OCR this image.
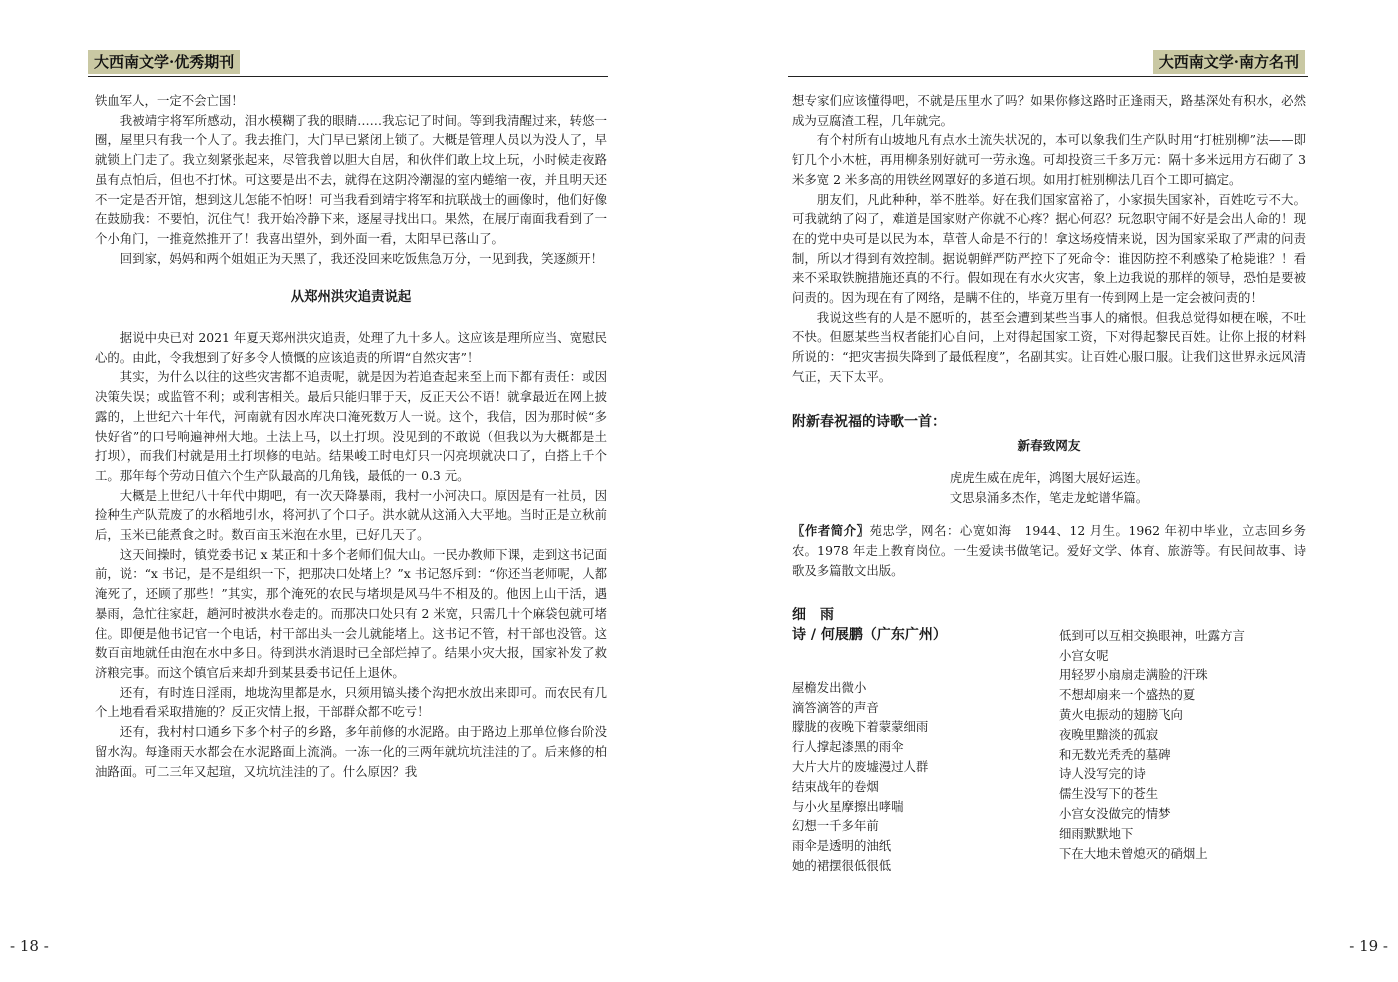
大西南文学·优秀期刊

铁血军人，一定不会亡国！

我被靖宇将军所感动，泪水模糊了我的眼睛……我忘记了时间。等到我清醒过来，转悠一圈，屋里只有我一个人了。我去推门，大门早已紧闭上锁了。大概是管理人员以为没人了，早就锁上门走了。我立刻紧张起来，尽管我曾以胆大自居，和伙伴们敢上坟上玩，小时候走夜路虽有点怕后，但也不打怵。可这要是出不去，就得在这阴冷潮湿的室内蜷缩一夜，并且明天还不一定是否开馆，想到这儿怎能不怕呀！可当我看到靖宇将军和抗联战士的画像时，他们好像在鼓励我：不要怕，沉住气！我开始冷静下来，逐屋寻找出口。果然，在展厅南面我看到了一个小角门，一推竟然推开了！我喜出望外，到外面一看，太阳早已落山了。

回到家，妈妈和两个姐姐正为天黑了，我还没回来吃饭焦急万分，一见到我，笑逐颜开！

从郑州洪灾追责说起

据说中央已对 2021 年夏天郑州洪灾追责，处理了九十多人。这应该是理所应当、宽慰民心的。由此，令我想到了好多令人愤慨的应该追责的所谓“自然灾害”！

其实，为什么以往的这些灾害都不追责呢，就是因为若追查起来至上而下都有责任：或因决策失误；或监管不利；或利害相关。最后只能归罪于天，反正天公不语！就拿最近在网上披露的，上世纪六十年代，河南就有因水库决口淹死数万人一说。这个，我信，因为那时候“多快好省”的口号响遍神州大地。土法上马，以土打坝。没见到的不敢说（但我以为大概都是土打坝），而我们村就是用土打坝修的电站。结果峻工时电灯只一闪亮坝就决口了，白搭上千个工。那年每个劳动日值六个生产队最高的几角钱，最低的一 0.3 元。

大概是上世纪八十年代中期吧，有一次天降暴雨，我村一小河决口。原因是有一社员，因捡种生产队荒废了的水稻地引水，将河扒了个口子。洪水就从这涌入大平地。当时正是立秋前后，玉米已能煮食之时。数百亩玉米泡在水里，已好几天了。

这天间操时，镇党委书记 x 某正和十多个老师们侃大山。一民办教师下课，走到这书记面前，说：“x 书记，是不是组织一下，把那决口处堵上？”x 书记怒斥到：“你还当老师呢，人都淹死了，还顾了那些！”其实，那个淹死的农民与堵坝是风马牛不相及的。他因上山干活，遇暴雨，急忙往家赶，趟河时被洪水卷走的。而那决口处只有 2 米宽，只需几十个麻袋包就可堵住。即便是他书记官一个电话，村干部出头一会儿就能堵上。这书记不管，村干部也没管。这数百亩地就任由泡在水中多日。待到洪水消退时已全部烂掉了。结果小灾大报，国家补发了救济粮完事。而这个镇官后来却升到某县委书记任上退休。

还有，有时连日淫雨，地垅沟里都是水，只须用镐头搂个沟把水放出来即可。而农民有几个上地看看采取措施的？反正灾情上报，干部群众都不吃亏！

还有，我村村口通乡下多个村子的乡路，多年前修的水泥路。由于路边上那单位修台阶没留水沟。每逢雨天水都会在水泥路面上流淌。一冻一化的三两年就坑坑洼洼的了。后来修的柏油路面。可二三年又起瑄，又坑坑洼洼的了。什么原因？我

- 18 -
大西南文学·南方名刊

想专家们应该懂得吧，不就是压里水了吗？如果你修这路时正逢雨天，路基深处有积水，必然成为豆腐渣工程，几年就完。

有个村所有山坡地凡有点水土流失状况的，本可以象我们生产队时用“打桩别柳”法——即钉几个小木桩，再用柳条别好就可一劳永逸。可却投资三千多万元：隔十多米远用方石砌了 3 米多宽 2 米多高的用铁丝网罩好的多道石坝。如用打桩别柳法几百个工即可搞定。

朋友们，凡此种种，举不胜举。好在我们国家富裕了，小家损失国家补，百姓吃亏不大。可我就纳了闷了，难道是国家财产你就不心疼？据心何忍？玩忽职守闹不好是会出人命的！现在的党中央可是以民为本，草菅人命是不行的！拿这场疫情来说，因为国家采取了严肃的问责制，所以才得到有效控制。据说朝鲜严防严控下了死命令：谁因防控不利感染了枪毙谁？！看来不采取铁腕措施还真的不行。假如现在有水火灾害，象上边我说的那样的领导，恐怕是要被问责的。因为现在有了网络，是瞒不住的，毕竟万里有一传到网上是一定会被问责的！

我说这些有的人是不愿听的，甚至会遭到某些当事人的痛恨。但我总觉得如梗在喉，不吐不快。但愿某些当权者能扪心自问，上对得起国家工资，下对得起黎民百姓。让你上报的材料所说的：“把灾害损失降到了最低程度”，名副其实。让百姓心服口服。让我们这世界永远风清气正，天下太平。

附新春祝福的诗歌一首：

新春致网友

虎虎生威在虎年，鸿图大展好运连。

文思泉涌多杰作，笔走龙蛇谱华篇。

〖作者简介〗苑忠学，网名：心宽如海　1944、12 月生。1962 年初中毕业，立志回乡务农。1978 年走上教育岗位。一生爱读书做笔记。爱好文学、体育、旅游等。有民间故事、诗歌及多篇散文出版。

细　雨

诗 / 何展鹏（广东广州）

屋檐发出微小
滴答滴答的声音
朦胧的夜晚下着蒙蒙细雨
行人撑起漆黑的雨伞
大片大片的废墟漫过人群
结束战年的卷烟
与小火星摩擦出哮喘
幻想一千多年前
雨伞是透明的油纸
她的裙摆很低很低
低到可以互相交换眼神，吐露方言
小宫女呢
用轻罗小扇扇走满脸的汗珠
不想却扇来一个盛热的夏
黄火电振动的翅膀飞向
夜晚里黯淡的孤寂
和无数光秃秃的墓碑
诗人没写完的诗
儒生没写下的苍生
小宫女没做完的情梦
细雨默默地下
下在大地未曾熄灭的硝烟上
- 19 -
